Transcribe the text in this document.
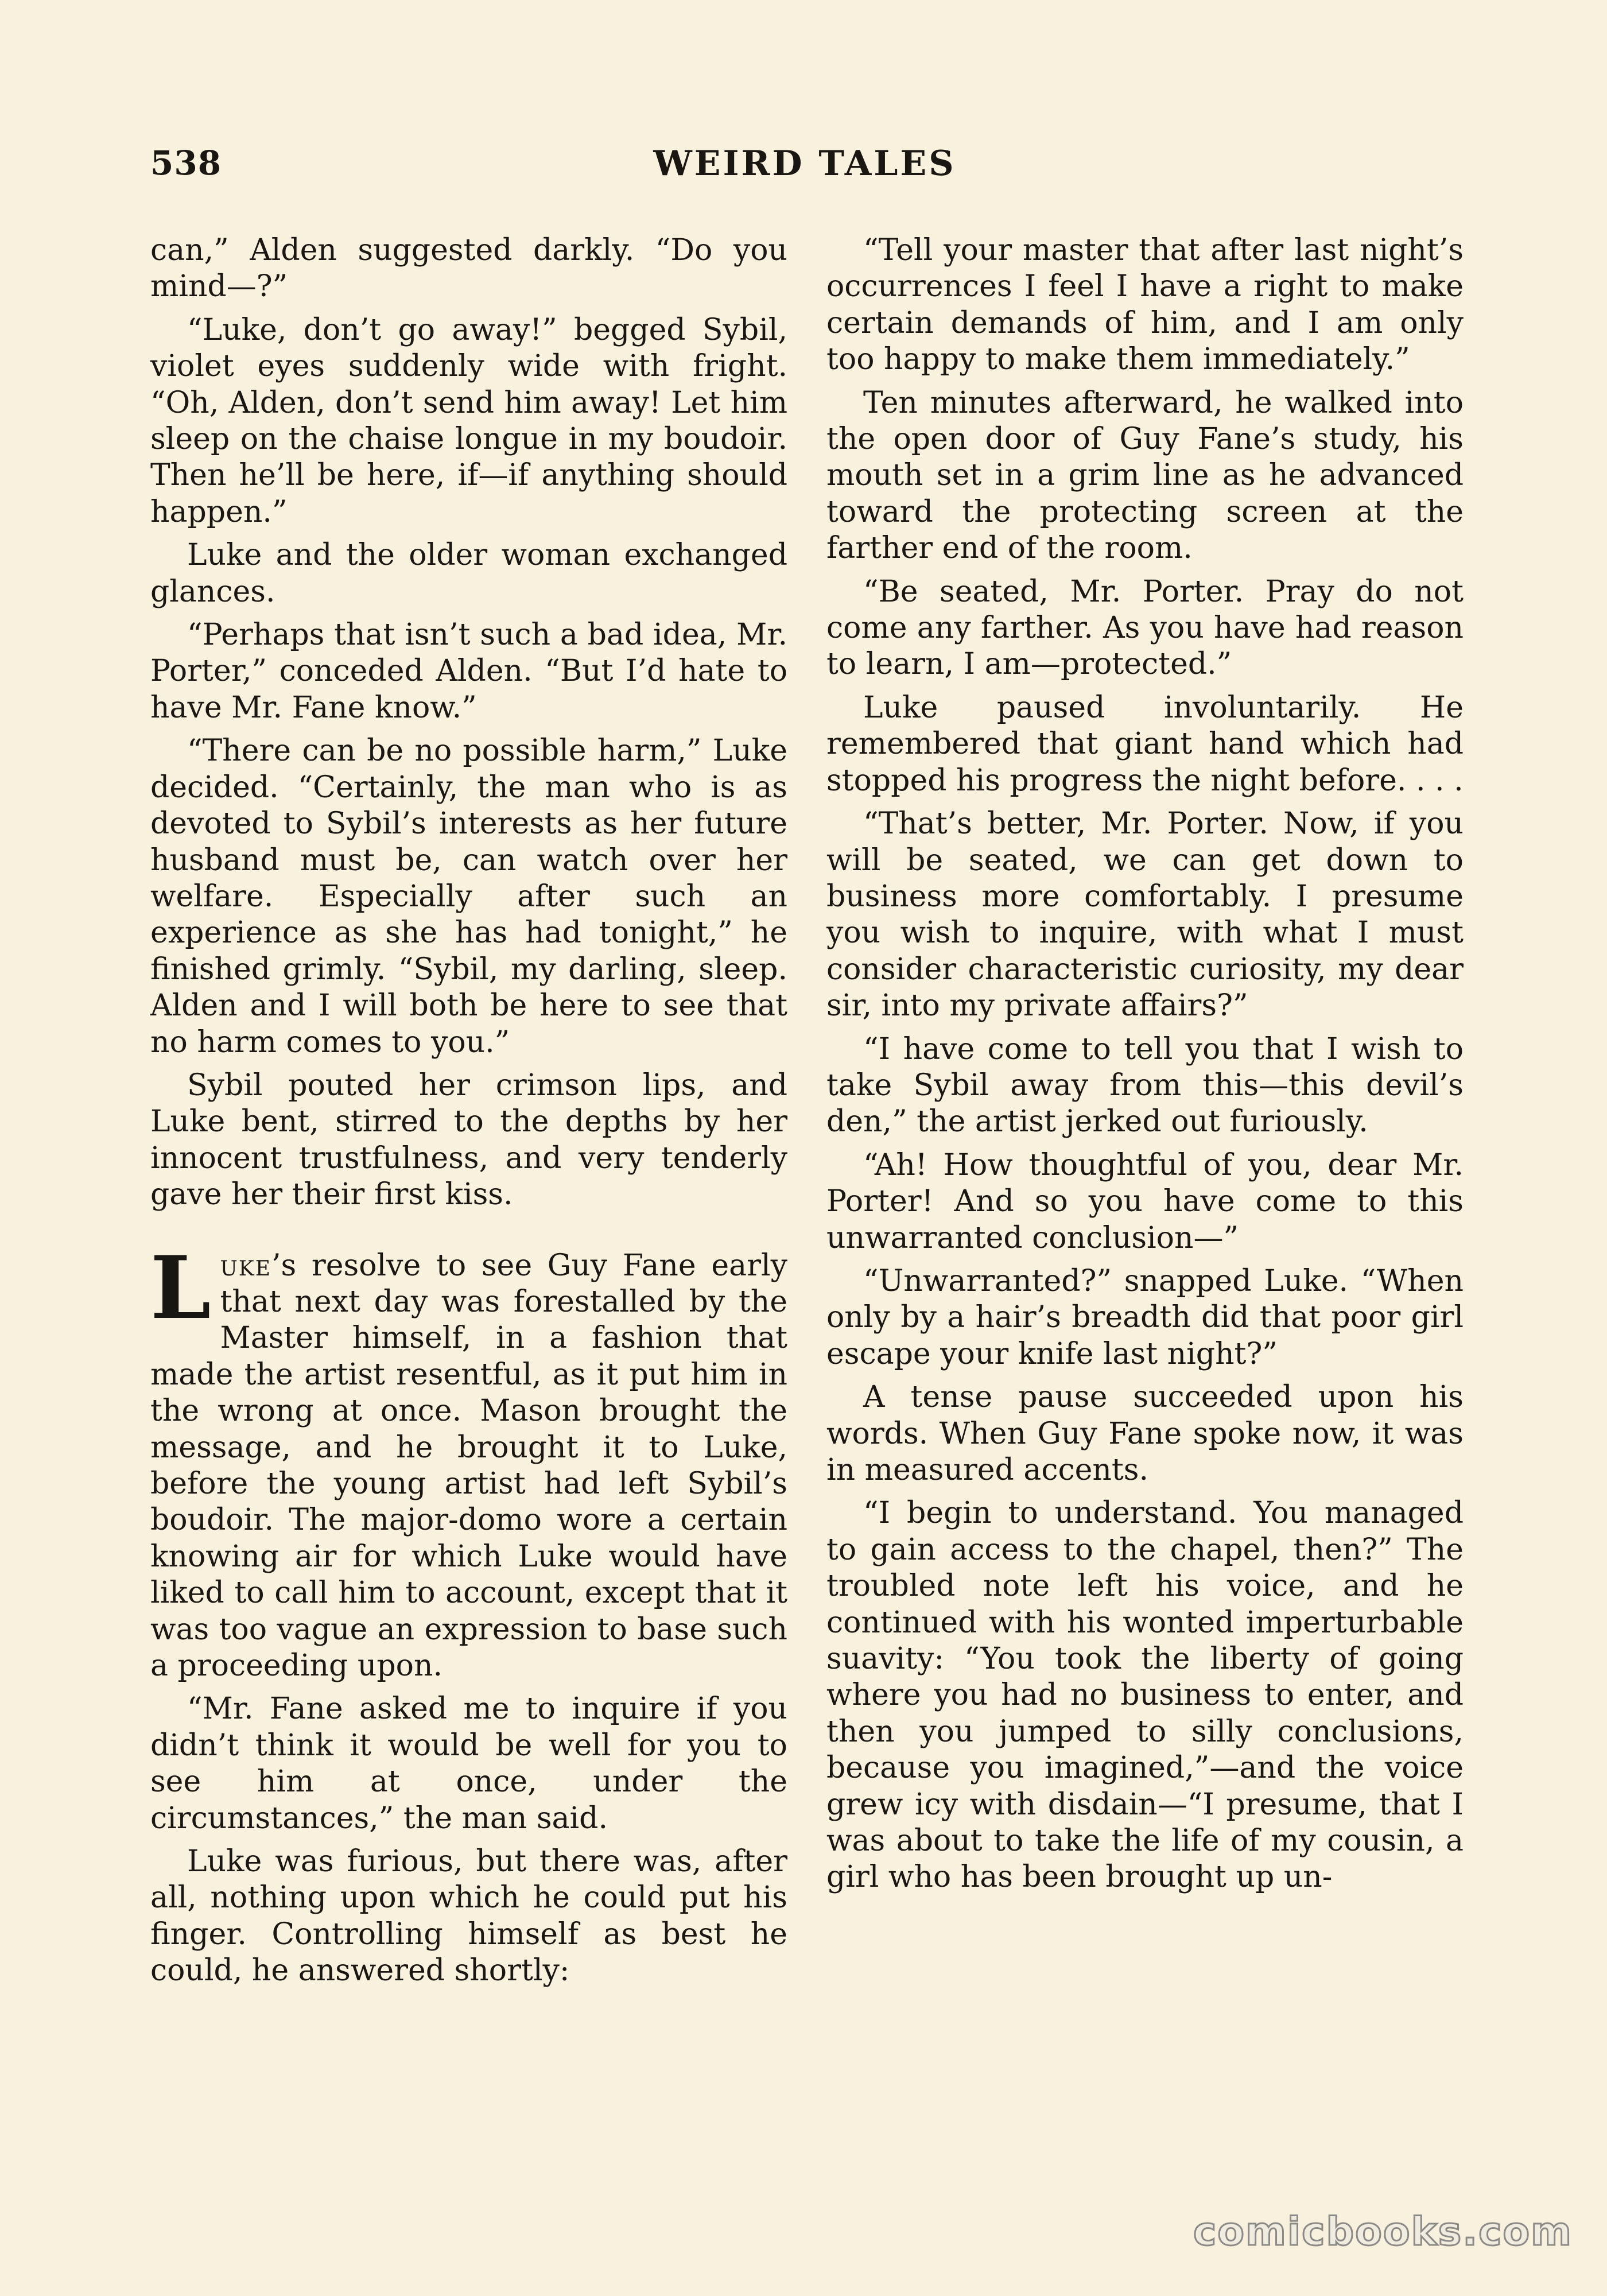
538	WEIRD TALES

can,” Alden suggested darkly. “Do you mind—?”

“Luke, don’t go away!” begged Sybil, violet eyes suddenly wide with fright. “Oh, Alden, don’t send him away! Let him sleep on the chaise longue in my boudoir. Then he’ll be here, if—if anything should happen.”

Luke and the older woman exchanged glances.

“Perhaps that isn’t such a bad idea, Mr. Porter,” conceded Alden. “But I’d hate to have Mr. Fane know.”

“There can be no possible harm,” Luke decided. “Certainly, the man who is as devoted to Sybil’s interests as her future husband must be, can watch over her welfare. Especially after such an experience as she has had tonight,” he finished grimly. “Sybil, my darling, sleep. Alden and I will both be here to see that no harm comes to you.”

Sybil pouted her crimson lips, and Luke bent, stirred to the depths by her innocent trustfulness, and very tenderly gave her their first kiss.

Luke’s resolve to see Guy Fane early that next day was forestalled by the Master himself, in a fashion that made the artist resentful, as it put him in the wrong at once. Mason brought the message, and he brought it to Luke, before the young artist had left Sybil’s boudoir. The major-domo wore a certain knowing air for which Luke would have liked to call him to account, except that it was too vague an expression to base such a proceeding upon.

“Mr. Fane asked me to inquire if you didn’t think it would be well for you to see him at once, under the circumstances,” the man said.

Luke was furious, but there was, after all, nothing upon which he could put his finger. Controlling himself as best he could, he answered shortly:

“Tell your master that after last night’s occurrences I feel I have a right to make certain demands of him, and I am only too happy to make them immediately.”

Ten minutes afterward, he walked into the open door of Guy Fane’s study, his mouth set in a grim line as he advanced toward the protecting screen at the farther end of the room.

“Be seated, Mr. Porter. Pray do not come any farther. As you have had reason to learn, I am—protected.”

Luke paused involuntarily. He remembered that giant hand which had stopped his progress the night before. . . .

“That’s better, Mr. Porter. Now, if you will be seated, we can get down to business more comfortably. I presume you wish to inquire, with what I must consider characteristic curiosity, my dear sir, into my private affairs?”

“I have come to tell you that I wish to take Sybil away from this—this devil’s den,” the artist jerked out furiously.

“Ah! How thoughtful of you, dear Mr. Porter! And so you have come to this unwarranted conclusion—”

“Unwarranted?” snapped Luke. “When only by a hair’s breadth did that poor girl escape your knife last night?”

A tense pause succeeded upon his words. When Guy Fane spoke now, it was in measured accents.

“I begin to understand. You managed to gain access to the chapel, then?” The troubled note left his voice, and he continued with his wonted imperturbable suavity: “You took the liberty of going where you had no business to enter, and then you jumped to silly conclusions, because you imagined,”—and the voice grew icy with disdain—“I presume, that I was about to take the life of my cousin, a girl who has been brought up un-

comicbooks.com
